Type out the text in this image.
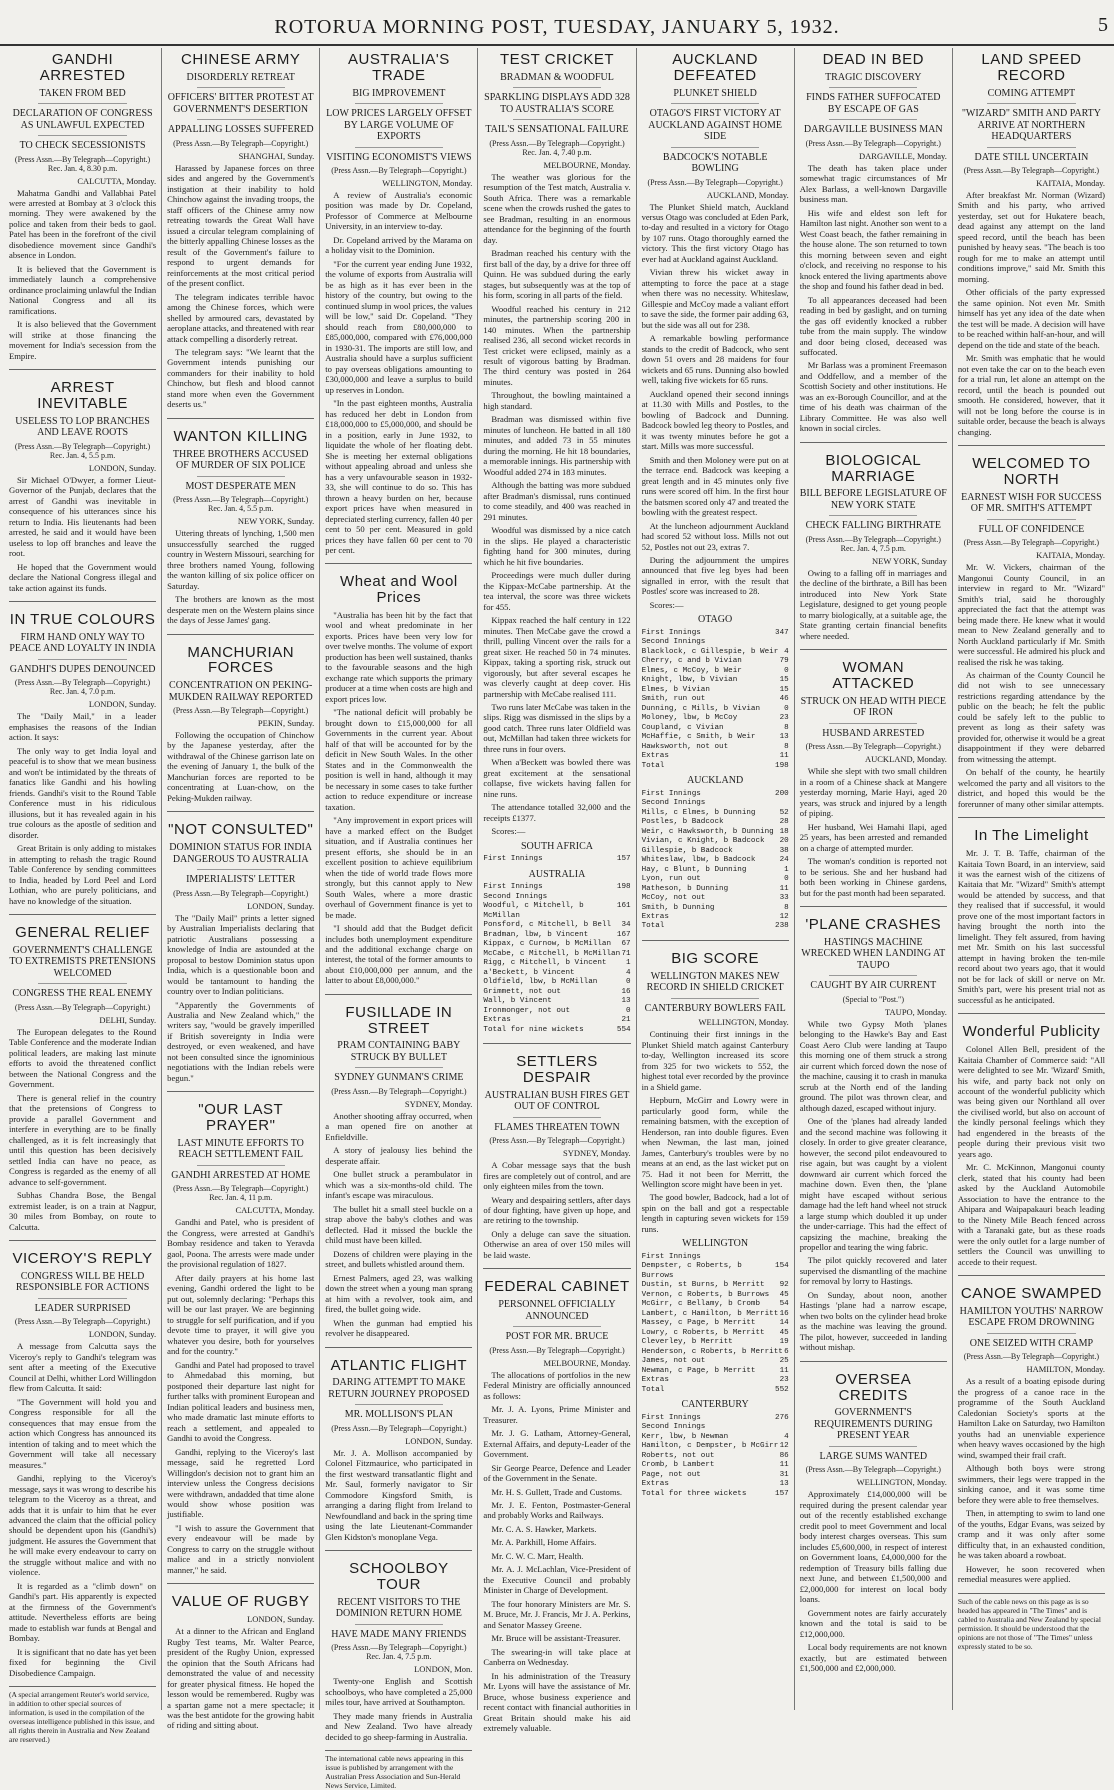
ROTORUA MORNING POST, TUESDAY, JANUARY 5, 1932.	5
GANDHI ARRESTED
TAKEN FROM BED
DECLARATION OF CONGRESS AS UNLAWFUL EXPECTED
TO CHECK SECESSIONISTS
(Press Assn.—By Telegraph—Copyright.) Rec. Jan. 4, 8.30 p.m.
CALCUTTA, Monday.

Mahatma Gandhi and Vallabhai Patel were arrested at Bombay at 3 o'clock this morning. They were awakened by the police and taken from their beds to gaol. Patel has been in the forefront of the civil disobedience movement since Gandhi's absence in London.

It is believed that the Government is immediately launch a comprehensive ordinance proclaiming unlawful the Indian National Congress and all its ramifications.

It is also believed that the Government will strike at those financing the movement for India's secession from the Empire.

ARREST INEVITABLE
USELESS TO LOP BRANCHES AND LEAVE ROOTS
(Press Assn.—By Telegraph—Copyright.) Rec. Jan. 4, 5.5 p.m.
LONDON, Sunday.

Sir Michael O'Dwyer, a former Lieut-Governor of the Punjab, declares that the arrest of Gandhi was inevitable in consequence of his utterances since his return to India. His lieutenants had been arrested, he said and it would have been useless to lop off branches and leave the root.

He hoped that the Government would declare the National Congress illegal and take action against its funds.

IN TRUE COLOURS
FIRM HAND ONLY WAY TO PEACE AND LOYALTY IN INDIA
GANDHI'S DUPES DENOUNCED
(Press Assn.—By Telegraph—Copyright.) Rec. Jan. 4, 7.0 p.m.
LONDON, Sunday.

The "Daily Mail," in a leader emphasises the reasons of the Indian action. It says:

The only way to get India loyal and peaceful is to show that we mean business and won't be intimidated by the threats of fanatics like Gandhi and his howling friends. Gandhi's visit to the Round Table Conference must in his ridiculous illusions, but it has revealed again in his true colours as the apostle of sedition and disorder.

Great Britain is only adding to mistakes in attempting to rehash the tragic Round Table Conference by sending committees to India, headed by Lord Peel and Lord Lothian, who are purely politicians, and have no knowledge of the situation.

GENERAL RELIEF
GOVERNMENT'S CHALLENGE TO EXTREMISTS PRETENSIONS WELCOMED
CONGRESS THE REAL ENEMY
(Press Assn.—By Telegraph—Copyright.)
DELHI, Sunday.

The European delegates to the Round Table Conference and the moderate Indian political leaders, are making last minute efforts to avoid the threatened conflict between the National Congress and the Government.

There is general relief in the country that the pretensions of Congress to provide a parallel Government and interfere in everything are to be finally challenged, as it is felt increasingly that until this question has been decisively settled India can have no peace, as Congress is regarded as the enemy of all advance to self-government.

Subhas Chandra Bose, the Bengal extremist leader, is on a train at Nagpur, 30 miles from Bombay, on route to Calcutta.

VICEROY'S REPLY
CONGRESS WILL BE HELD RESPONSIBLE FOR ACTIONS
LEADER SURPRISED
(Press Assn.—By Telegraph—Copyright.)
LONDON, Sunday.

A message from Calcutta says the Viceroy's reply to Gandhi's telegram was sent after a meeting of the Executive Council at Delhi, whither Lord Willingdon flew from Calcutta. It said:

"The Government will hold you and Congress responsible for all the consequences that may ensue from the action which Congress has announced its intention of taking and to meet which the Government will take all necessary measures."

Gandhi, replying to the Viceroy's message, says it was wrong to describe his telegram to the Viceroy as a threat, and adds that it is unfair to him that he ever advanced the claim that the official policy should be dependent upon his (Gandhi's) judgment. He assures the Government that he will make every endeavour to carry on the struggle without malice and with no violence.

It is regarded as a "climb down" on Gandhi's part. His apparently is expected at the firmness of the Government's attitude. Nevertheless efforts are being made to establish war funds at Bengal and Bombay.

It is significant that no date has yet been fixed for beginning the Civil Disobedience Campaign.

(A special arrangement Reuter's world service, in addition to other special sources of information, is used in the compilation of the overseas intelligence published in this issue, and all rights therein in Australia and New Zealand are reserved.)
CHINESE ARMY
DISORDERLY RETREAT
OFFICERS' BITTER PROTEST AT GOVERNMENT'S DESERTION
APPALLING LOSSES SUFFERED
(Press Assn.—By Telegraph—Copyright.)
SHANGHAI, Sunday.

Harassed by Japanese forces on three sides and angered by the Government's instigation at their inability to hold Chinchow against the invading troops, the staff officers of the Chinese army now retreating towards the Great Wall have issued a circular telegram complaining of the bitterly appalling Chinese losses as the result of the Government's failure to respond to urgent demands for reinforcements at the most critical period of the present conflict.

The telegram indicates terrible havoc among the Chinese forces, which were shelled by armoured cars, devastated by aeroplane attacks, and threatened with rear attack compelling a disorderly retreat.

The telegram says: "We learnt that the Government intends punishing our commanders for their inability to hold Chinchow, but flesh and blood cannot stand more when even the Government deserts us."

WANTON KILLING
THREE BROTHERS ACCUSED OF MURDER OF SIX POLICE
MOST DESPERATE MEN
(Press Assn.—By Telegraph—Copyright.) Rec. Jan. 4, 5.5 p.m.
NEW YORK, Sunday.

Uttering threats of lynching, 1,500 men unsuccessfully searched the rugged country in Western Missouri, searching for three brothers named Young, following the wanton killing of six police officer on Saturday.

The brothers are known as the most desperate men on the Western plains since the days of Jesse James' gang.

MANCHURIAN FORCES
CONCENTRATION ON PEKING-MUKDEN RAILWAY REPORTED
(Press Assn.—By Telegraph—Copyright.)
PEKIN, Sunday.

Following the occupation of Chinchow by the Japanese yesterday, after the withdrawal of the Chinese garrison late on the evening of January 1, the bulk of the Manchurian forces are reported to be concentrating at Luan-chow, on the Peking-Mukden railway.

"NOT CONSULTED"
DOMINION STATUS FOR INDIA DANGEROUS TO AUSTRALIA
IMPERIALISTS' LETTER
(Press Assn.—By Telegraph—Copyright.)
LONDON, Sunday.

The "Daily Mail" prints a letter signed by Australian Imperialists declaring that patriotic Australians possessing a knowledge of India are astounded at the proposal to bestow Dominion status upon India, which is a questionable boon and would be tantamount to handing the country over to Indian politicians.

"Apparently the Governments of Australia and New Zealand which," the writers say, "would be gravely imperilled if British sovereignty in India were destroyed, or even weakened, and have not been consulted since the ignominious negotiations with the Indian rebels were begun."

"OUR LAST PRAYER"
LAST MINUTE EFFORTS TO REACH SETTLEMENT FAIL
GANDHI ARRESTED AT HOME
(Press Assn.—By Telegraph—Copyright.) Rec. Jan. 4, 11 p.m.
CALCUTTA, Monday.

Gandhi and Patel, who is president of the Congress, were arrested at Gandhi's Bombay residence and taken to Yeravda gaol, Poona. The arrests were made under the provisional regulation of 1827.

After daily prayers at his home last evening, Gandhi ordered the light to be put out, solemnly declaring: "Perhaps this will be our last prayer. We are beginning to struggle for self purification, and if you devote time to prayer, it will give you whatever you desire, both for yourselves and for the country."

Gandhi and Patel had proposed to travel to Ahmedabad this morning, but postponed their departure last night for further talks with prominent European and Indian political leaders and business men, who made dramatic last minute efforts to reach a settlement, and appealed to Gandhi to avoid the Congress.

Gandhi, replying to the Viceroy's last message, said he regretted Lord Willingdon's decision not to grant him an interview unless the Congress decisions were withdrawn, andadded that time alone would show whose position was justifiable.

"I wish to assure the Government that every endeavour will be made by Congress to carry on the struggle without malice and in a strictly nonviolent manner," he said.

VALUE OF RUGBY
LONDON, Sunday.

At a dinner to the African and England Rugby Test teams, Mr. Walter Pearce, president of the Rugby Union, expressed the opinion that the South Africans had demonstrated the value of and necessity for greater physical fitness. He hoped the lesson would be remembered. Rugby was a spartan game not a mere spectacle; it was the best antidote for the growing habit of riding and sitting about.

AUSTRALIA'S TRADE
BIG IMPROVEMENT
LOW PRICES LARGELY OFFSET BY LARGE VOLUME OF EXPORTS
VISITING ECONOMIST'S VIEWS
(Press Assn.—By Telegraph—Copyright.)
WELLINGTON, Monday.

A review of Australia's economic position was made by Dr. Copeland, Professor of Commerce at Melbourne University, in an interview to-day.

Dr. Copeland arrived by the Marama on a holiday visit to the Dominion.

"For the current year ending June 1932, the volume of exports from Australia will be as high as it has ever been in the history of the country, but owing to the continued slump in wool prices, the values will be low," said Dr. Copeland. "They should reach from £80,000,000 to £85,000,000, compared with £76,000,000 in 1930-31. The imports are still low, and Australia should have a surplus sufficient to pay overseas obligations amounting to £30,000,000 and leave a surplus to build up reserves in London.

"In the past eighteen months, Australia has reduced her debt in London from £18,000,000 to £5,000,000, and should be in a position, early in June 1932, to liquidate the whole of her floating debt. She is meeting her external obligations without appealing abroad and unless she has a very unfavourable season in 1932-33, she will continue to do so. This has thrown a heavy burden on her, because export prices have when measured in depreciated sterling currency, fallen 40 per cent to 50 per cent. Measured in gold prices they have fallen 60 per cent to 70 per cent.

Wheat and Wool Prices

"Australia has been hit by the fact that wool and wheat predominate in her exports. Prices have been very low for over twelve months. The volume of export production has been well sustained, thanks to the favourable seasons and the high exchange rate which supports the primary producer at a time when costs are high and export prices low.

"The national deficit will probably be brought down to £15,000,000 for all Governments in the current year. About half of that will be accounted for by the deficit in New South Wales. In the other States and in the Commonwealth the position is well in hand, although it may be necessary in some cases to take further action to reduce expenditure or increase taxation.

"Any improvement in export prices will have a marked effect on the Budget situation, and if Australia continues her present efforts, she should be in an excellent position to achieve equilibrium when the tide of world trade flows more strongly, but this cannot apply to New South Wales, where a more drastic overhaul of Government finance is yet to be made.

"I should add that the Budget deficit includes both unemployment expenditure and the additional exchange charge on interest, the total of the former amounts to about £10,000,000 per annum, and the latter to about £8,000,000."

FUSILLADE IN STREET
PRAM CONTAINING BABY STRUCK BY BULLET
SYDNEY GUNMAN'S CRIME
(Press Assn.—By Telegraph—Copyright.)
SYDNEY, Monday.

Another shooting affray occurred, when a man opened fire on another at Enfieldville.

A story of jealousy lies behind the desperate affair.

One bullet struck a perambulator in which was a six-months-old child. The infant's escape was miraculous.

The bullet hit a small steel buckle on a strap above the baby's clothes and was deflected. Had it missed the buckle the child must have been killed.

Dozens of children were playing in the street, and bullets whistled around them.

Ernest Palmers, aged 23, was walking down the street when a young man sprang at him with a revolver, took aim, and fired, the bullet going wide.

When the gunman had emptied his revolver he disappeared.

ATLANTIC FLIGHT
DARING ATTEMPT TO MAKE RETURN JOURNEY PROPOSED
MR. MOLLISON'S PLAN
(Press Assn.—By Telegraph—Copyright.)
LONDON, Sunday.

Mr. J. A. Mollison accompanied by Colonel Fitzmaurice, who participated in the first westward transatlantic flight and Mr. Saul, formerly navigator to Sir Commodore Kingsford Smith, is arranging a daring flight from Ireland to Newfoundland and back in the spring time using the late Lieutenant-Commander Glen Kidston's monoplane Vega.

SCHOOLBOY TOUR
RECENT VISITORS TO THE DOMINION RETURN HOME
HAVE MADE MANY FRIENDS
(Press Assn.—By Telegraph—Copyright.) Rec. Jan. 4, 7.5 p.m.
LONDON, Mon.

Twenty-one English and Scottish schoolboys, who have completed a 25,000 miles tour, have arrived at Southampton.

They made many friends in Australia and New Zealand. Two have already decided to go sheep-farming in Australia.

The international cable news appearing in this issue is published by arrangement with the Australian Press Association and Sun-Herald News Service, Limited.
TEST CRICKET
BRADMAN & WOODFUL
SPARKLING DISPLAYS ADD 328 TO AUSTRALIA'S SCORE
TAIL'S SENSATIONAL FAILURE
(Press Assn.—By Telegraph—Copyright.) Rec. Jan. 4, 7.40 p.m.
MELBOURNE, Monday.

The weather was glorious for the resumption of the Test match, Australia v. South Africa. There was a remarkable scene when the crowds rushed the gates to see Bradman, resulting in an enormous attendance for the beginning of the fourth day.

Bradman reached his century with the first ball of the day, by a drive for three off Quinn. He was subdued during the early stages, but subsequently was at the top of his form, scoring in all parts of the field.

Woodful reached his century in 212 minutes, the partnership scoring 200 in 140 minutes. When the partnership realised 236, all second wicket records in Test cricket were eclipsed, mainly as a result of vigorous batting by Bradman. The third century was posted in 264 minutes.

Throughout, the bowling maintained a high standard.

Bradman was dismissed within five minutes of luncheon. He batted in all 180 minutes, and added 73 in 55 minutes during the morning. He hit 18 boundaries, a memorable innings. His partnership with Woodful added 274 in 183 minutes.

Although the batting was more subdued after Bradman's dismissal, runs continued to come steadily, and 400 was reached in 291 minutes.

Woodful was dismissed by a nice catch in the slips. He played a characteristic fighting hand for 300 minutes, during which he hit five boundaries.

Proceedings were much duller during the Kippax-McCabe partnership. At the tea interval, the score was three wickets for 455.

Kippax reached the half century in 122 minutes. Then McCabe gave the crowd a thrill, pulling Vincent over the rails for a great sixer. He reached 50 in 74 minutes. Kippax, taking a sporting risk, struck out vigorously, but after several escapes he was cleverly caught at deep cover. His partnership with McCabe realised 111.

Two runs later McCabe was taken in the slips. Rigg was dismissed in the slips by a good catch. Three runs later Oldfield was out, McMillan had taken three wickets for three runs in four overs.

When a'Beckett was bowled there was great excitement at the sensational collapse, five wickets having fallen for nine runs.

The attendance totalled 32,000 and the receipts £1377.

Scores:—

SOUTH AFRICA
First Innings	157
AUSTRALIA
First Innings	198
Second Innings
Woodful, c Mitchell, b McMillan
161
Ponsford, c Mitchell, b Bell 34
Bradman, lbw, b Vincent	167
Kippax, c Curnow, b McMillan 67
McCabe, c Mitchell, b McMillan 71
Rigg, c Mitchell, b Vincent	1
a'Beckett, b Vincent	4
Oldfield, lbw, b McMillan	0
Grimmett, not out	16
Wall, b Vincent	13
Ironmonger, not out	0
Extras	21
Total for nine wickets	554
SETTLERS DESPAIR
AUSTRALIAN BUSH FIRES GET OUT OF CONTROL
FLAMES THREATEN TOWN
(Press Assn.—By Telegraph—Copyright.)
SYDNEY, Monday.

A Cobar message says that the bush fires are completely out of control, and are only eighteen miles from the town.

Weary and despairing settlers, after days of dour fighting, have given up hope, and are retiring to the township.

Only a deluge can save the situation. Otherwise an area of over 150 miles will be laid waste.

FEDERAL CABINET
PERSONNEL OFFICIALLY ANNOUNCED
POST FOR MR. BRUCE
(Press Assn.—By Telegraph—Copyright.)
MELBOURNE, Monday.

The allocations of portfolios in the new Federal Ministry are officially announced as follows:

Mr. J. A. Lyons, Prime Minister and Treasurer.

Mr. J. G. Latham, Attorney-General, External Affairs, and deputy-Leader of the Government.

Sir George Pearce, Defence and Leader of the Government in the Senate.

Mr. H. S. Gullett, Trade and Customs.

Mr. J. E. Fenton, Postmaster-General and probably Works and Railways.

Mr. C. A. S. Hawker, Markets.

Mr. A. Parkhill, Home Affairs.

Mr. C. W. C. Marr, Health.

Mr. A. J. McLachlan, Vice-President of the Executive Council and probably Minister in Charge of Development.

The four honorary Ministers are Mr. S. M. Bruce, Mr. J. Francis, Mr J. A. Perkins, and Senator Massey Greene.

Mr. Bruce will be assistant-Treasurer.

The swearing-in will take place at Canberra on Wednesday.

In his administration of the Treasury Mr. Lyons will have the assistance of Mr. Bruce, whose business experience and recent contact with financial authorities in Great Britain should make his aid extremely valuable.

AUCKLAND DEFEATED
PLUNKET SHIELD
OTAGO'S FIRST VICTORY AT AUCKLAND AGAINST HOME SIDE
BADCOCK'S NOTABLE BOWLING
(Press Assn.—By Telegraph—Copyright.)
AUCKLAND, Monday.

The Plunket Shield match, Auckland versus Otago was concluded at Eden Park, to-day and resulted in a victory for Otago by 107 runs. Otago thoroughly earned the victory. This the first victory Otago has ever had at Auckland against Auckland.

Vivian threw his wicket away in attempting to force the pace at a stage when there was no necessity. Whiteslaw, Gillespie and McCoy made a valiant effort to save the side, the former pair adding 63, but the side was all out for 238.

A remarkable bowling performance stands to the credit of Badcock, who sent down 51 overs and 28 maidens for four wickets and 65 runs. Dunning also bowled well, taking five wickets for 65 runs.

Auckland opened their second innings at 11.30 with Mills and Postles, to the bowling of Badcock and Dunning. Badcock bowled leg theory to Postles, and it was twenty minutes before he got a start. Mills was more successful.

Smith and then Moloney were put on at the terrace end. Badcock was keeping a great length and in 45 minutes only five runs were scored off him. In the first hour the batsmen scored only 47 and treated the bowling with the greatest respect.

At the luncheon adjournment Auckland had scored 52 without loss. Mills not out 52, Postles not out 23, extras 7.

During the adjournment the umpires announced that five leg byes had been signalled in error, with the result that Postles' score was increased to 28.

Scores:—

OTAGO
First Innings	347
Second Innings
Blacklock, c Gillespie, b Weir 4
Cherry, c and b Vivian	79
Elmes, c McCoy, b Weir	0
Knight, lbw, b Vivian	15
Elmes, b Vivian	15
Smith, run out	46
Dunning, c Mills, b Vivian	0
Moloney, lbw, b McCoy	23
Coupland, c Vivian	8
McHaffie, c Smith, b Weir	13
Hawksworth, not out	8
Extras	11
Total	198
AUCKLAND
First Innings	200
Second Innings
Mills, c Elmes, b Dunning	52
Postles, b Badcock	28
Weir, c Hawksworth, b Dunning 18
Vivian, c Knight, b Badcock 20
Gillespie, b Badcock	38
Whiteslaw, lbw, b Badcock	24
Hay, c Blunt, b Dunning	1
Lyon, run out	0
Matheson, b Dunning	11
McCoy, not out	33
Smith, b Dunning	8
Extras	12
Total	238
BIG SCORE
WELLINGTON MAKES NEW RECORD IN SHIELD CRICKET
CANTERBURY BOWLERS FAIL
WELLINGTON, Monday.

Continuing their first innings in the Plunket Shield match against Canterbury to-day, Wellington increased its score from 325 for two wickets to 552, the highest total ever recorded by the province in a Shield game.

Hepburn, McGirr and Lowry were in particularly good form, while the remaining batsmen, with the exception of Henderson, ran into double figures. Even when Newman, the last man, joined James, Canterbury's troubles were by no means at an end, as the last wicket put on 75. Had it not been for Merritt, the Wellington score might have been in yet.

The good bowler, Badcock, had a lot of spin on the ball and got a respectable length in capturing seven wickets for 159 runs.

WELLINGTON
First Innings
Dempster, c Roberts, b Burrows
154
Dustin, st Burns, b Merritt 92
Vernon, c Roberts, b Burrows 45
McGirr, c Bellamy, b Cromb	54
Lambert, c Hamilton, b Merritt 16
Massey, c Page, b Merritt	14
Lowry, c Roberts, b Merritt 45
Cleverley, b Merritt	19
Henderson, c Roberts, b Merritt 6
James, not out	25
Newman, c Page, b Merritt	11
Extras	23
Total	552
CANTERBURY
First Innings	276
Second Innings
Kerr, lbw, b Newman	4
Hamilton, c Dempster, b McGirr 12
Roberts, not out	86
Cromb, b Lambert	11
Page, not out	31
Extras	13
Total for three wickets	157
DEAD IN BED
TRAGIC DISCOVERY
FINDS FATHER SUFFOCATED BY ESCAPE OF GAS
DARGAVILLE BUSINESS MAN
(Press Assn.—By Telegraph—Copyright.)
DARGAVILLE, Monday.

The death has taken place under somewhat tragic circumstances of Mr Alex Barlass, a well-known Dargaville business man.

His wife and eldest son left for Hamilton last night. Another son went to a West Coast beach, the father remaining in the house alone. The son returned to town this morning between seven and eight o'clock, and receiving no response to his knock entered the living apartments above the shop and found his father dead in bed.

To all appearances deceased had been reading in bed by gaslight, and on turning the gas off evidently knocked a rubber tube from the main supply. The window and door being closed, deceased was suffocated.

Mr Barlass was a prominent Freemason and Oddfellow, and a member of the Scottish Society and other institutions. He was an ex-Borough Councillor, and at the time of his death was chairman of the Library Committee. He was also well known in social circles.

BIOLOGICAL MARRIAGE
BILL BEFORE LEGISLATURE OF NEW YORK STATE
CHECK FALLING BIRTHRATE
(Press Assn.—By Telegraph—Copyright.) Rec. Jan. 4, 7.5 p.m.
NEW YORK, Sunday

Owing to a falling off in marriages and the decline of the birthrate, a Bill has been introduced into New York State Legislature, designed to get young people to marry biologically, at a suitable age, the State granting certain financial benefits where needed.

WOMAN ATTACKED
STRUCK ON HEAD WITH PIECE OF IRON
HUSBAND ARRESTED
(Press Assn.—By Telegraph—Copyright.)
AUCKLAND, Monday.

While she slept with two small children in a room of a Chinese shack at Mangere yesterday morning, Marie Hayi, aged 20 years, was struck and injured by a length of piping.

Her husband, Wei Hamahi Ilapi, aged 25 years, has been arrested and remanded on a charge of attempted murder.

The woman's condition is reported not to be serious. She and her husband had both been working in Chinese gardens, but for the past month had been separated.

'PLANE CRASHES
HASTINGS MACHINE WRECKED WHEN LANDING AT TAUPO
CAUGHT BY AIR CURRENT
(Special to "Post.")
TAUPO, Monday.

While two Gypsy Moth 'planes belonging to the Hawke's Bay and East Coast Aero Club were landing at Taupo this morning one of them struck a strong air current which forced down the nose of the machine, causing it to crash in manuka scrub at the North end of the landing ground. The pilot was thrown clear, and although dazed, escaped without injury.

One of the 'planes had already landed and the second machine was following it closely. In order to give greater clearance, however, the second pilot endeavoured to rise again, but was caught by a violent downward air current which forced the machine down. Even then, the 'plane might have escaped without serious damage had the left hand wheel not struck a large stump which doubled it up under the under-carriage. This had the effect of capsizing the machine, breaking the propellor and tearing the wing fabric.

The pilot quickly recovered and later supervised the dismantling of the machine for removal by lorry to Hastings.

On Sunday, about noon, another Hastings 'plane had a narrow escape, when two bolts on the cylinder head broke as the machine was leaving the ground. The pilot, however, succeeded in landing without mishap.

OVERSEA CREDITS
GOVERNMENT'S REQUIREMENTS DURING PRESENT YEAR
LARGE SUMS WANTED
(Press Assn.—By Telegraph—Copyright.)
WELLINGTON, Monday.

Approximately £14,000,000 will be required during the present calendar year out of the recently established exchange credit pool to meet Government and local body interest charges overseas. This sum includes £5,600,000, in respect of interest on Government loans, £4,000,000 for the redemption of Treasury bills falling due next June, and between £1,500,000 and £2,000,000 for interest on local body loans.

Government notes are fairly accurately known and the total is said to be £12,000,000.

Local body requirements are not known exactly, but are estimated between £1,500,000 and £2,000,000.

LAND SPEED RECORD
COMING ATTEMPT
"WIZARD" SMITH AND PARTY ARRIVE AT NORTHERN HEADQUARTERS
DATE STILL UNCERTAIN
(Press Assn.—By Telegraph—Copyright.)
KAITAIA, Monday.

After breakfast Mr. Norman (Wizard) Smith and his party, who arrived yesterday, set out for Hukatere beach, dead against any attempt on the land speed record, until the beach has been punished by heavy seas. "The beach is too rough for me to make an attempt until conditions improve," said Mr. Smith this morning.

Other officials of the party expressed the same opinion. Not even Mr. Smith himself has yet any idea of the date when the test will be made. A decision will have to be reached within half-an-hour, and will depend on the tide and state of the beach.

Mr. Smith was emphatic that he would not even take the car on to the beach even for a trial run, let alone an attempt on the record, until the beach is pounded out smooth. He considered, however, that it will not be long before the course is in suitable order, because the beach is always changing.

WELCOMED TO NORTH
EARNEST WISH FOR SUCCESS OF MR. SMITH'S ATTEMPT
FULL OF CONFIDENCE
(Press Assn.—By Telegraph—Copyright.)
KAITAIA, Monday.

Mr. W. Vickers, chairman of the Mangonui County Council, in an interview in regard to Mr. "Wizard" Smith's trial, said he thoroughly appreciated the fact that the attempt was being made there. He knew what it would mean to New Zealand generally and to North Auckland particularly if Mr. Smith were successful. He admired his pluck and realised the risk he was taking.

As chairman of the County Council he did not wish to see unnecessary restrictions regarding attendance by the public on the beach; he felt the public could be safely left to the public to prevent as long as their safety was provided for, otherwise it would be a great disappointment if they were debarred from witnessing the attempt.

On behalf of the county, he heartily welcomed the party and all visitors to the district, and hoped this would be the forerunner of many other similar attempts.

In The Limelight

Mr. J. T. B. Taffe, chairman of the Kaitaia Town Board, in an interview, said it was the earnest wish of the citizens of Kaitaia that Mr. "Wizard" Smith's attempt would be attended by success, and that they realised that if successful, it would prove one of the most important factors in having brought the north into the limelight. They felt assured, from having met Mr. Smith on his last successful attempt in having broken the ten-mile record about two years ago, that it would not be for lack of skill or nerve on Mr. Smith's part, were his present trial not as successful as he anticipated.

Wonderful Publicity

Colonel Allen Bell, president of the Kaitaia Chamber of Commerce said: "All were delighted to see Mr. 'Wizard' Smith, his wife, and party back not only on account of the wonderful publicity which was being given our Northland all over the civilised world, but also on account of the kindly personal feelings which they had engendered in the breasts of the people during their previous visit two years ago.

Mr. C. McKinnon, Mangonui county clerk, stated that his county had been asked by the Auckland Automobile Association to have the entrance to the Ahipara and Waipapakauri beach leading to the Ninety Mile Beach fenced across with a Taranaki gate, but as these roads were the only outlet for a large number of settlers the Council was unwilling to accede to their request.

CANOE SWAMPED
HAMILTON YOUTHS' NARROW ESCAPE FROM DROWNING
ONE SEIZED WITH CRAMP
(Press Assn.—By Telegraph—Copyright.)
HAMILTON, Monday.

As a result of a boating episode during the progress of a canoe race in the programme of the South Auckland Caledonian Society's sports at the Hamilton Lake on Saturday, two Hamilton youths had an unenviable experience when heavy waves occasioned by the high wind, swamped their frail craft.

Although both boys were strong swimmers, their legs were trapped in the sinking canoe, and it was some time before they were able to free themselves.

Then, in attempting to swim to land one of the youths, Edgar Evans, was seized by cramp and it was only after some difficulty that, in an exhausted condition, he was taken aboard a rowboat.

However, he soon recovered when remedial measures were applied.

Such of the cable news on this page as is so headed has appeared in "The Times" and is cabled to Australia and New Zealand by special permission. It should be understood that the opinions are not those of "The Times" unless expressly stated to be so.
